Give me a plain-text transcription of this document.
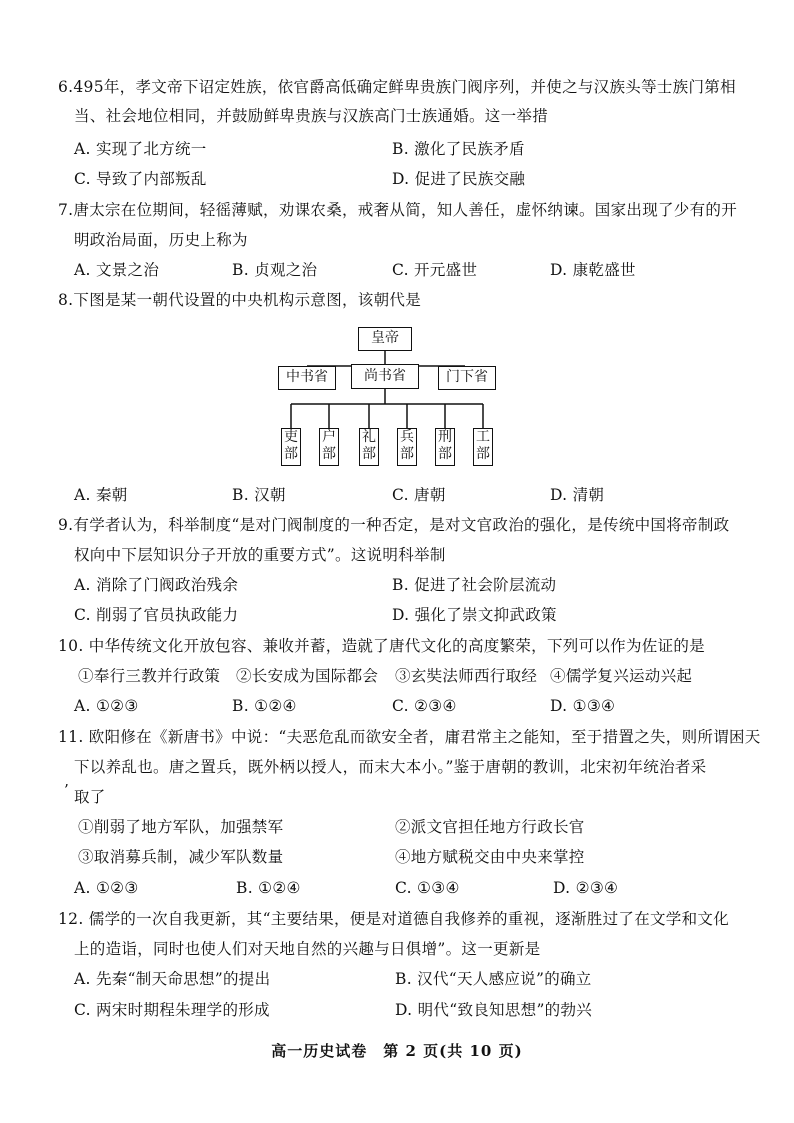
6.495年，孝文帝下诏定姓族，依官爵高低确定鲜卑贵族门阀序列，并使之与汉族头等士族门第相
当、社会地位相同，并鼓励鲜卑贵族与汉族高门士族通婚。这一举措
A. 实现了北方统一	B. 激化了民族矛盾
C. 导致了内部叛乱	D. 促进了民族交融
7.唐太宗在位期间，轻徭薄赋，劝课农桑，戒奢从简，知人善任，虚怀纳谏。国家出现了少有的开
明政治局面，历史上称为
A. 文景之治	B. 贞观之治	C. 开元盛世	D. 康乾盛世
8.下图是某一朝代设置的中央机构示意图，该朝代是
皇帝
中书省	尚书省	门下省
吏
部
户
部
礼
部
兵
部
刑
部
工
部
A. 秦朝	B. 汉朝	C. 唐朝	D. 清朝
9.有学者认为，科举制度“是对门阀制度的一种否定，是对文官政治的强化，是传统中国将帝制政
权向中下层知识分子开放的重要方式”。这说明科举制
A. 消除了门阀政治残余	B. 促进了社会阶层流动
C. 削弱了官员执政能力	D. 强化了崇文抑武政策
10. 中华传统文化开放包容、兼收并蓄，造就了唐代文化的高度繁荣，下列可以作为佐证的是
①奉行三教并行政策 ②长安成为国际都会 ③玄奘法师西行取经 ④儒学复兴运动兴起
A. ①②③	B. ①②④	C. ②③④	D. ①③④
11. 欧阳修在《新唐书》中说：“夫恶危乱而欲安全者，庸君常主之能知，至于措置之失，则所谓困天
下以养乱也。唐之置兵，既外柄以授人，而末大本小。”鉴于唐朝的教训，北宋初年统治者采
’ 取了
①削弱了地方军队，加强禁军	②派文官担任地方行政长官
③取消募兵制，减少军队数量	④地方赋税交由中央来掌控
A. ①②③	B. ①②④	C. ①③④	D. ②③④
12. 儒学的一次自我更新，其“主要结果，便是对道德自我修养的重视，逐渐胜过了在文学和文化
上的造诣，同时也使人们对天地自然的兴趣与日俱增”。这一更新是
A. 先秦“制天命思想”的提出	B. 汉代“天人感应说”的确立
C. 两宋时期程朱理学的形成	D. 明代“致良知思想”的勃兴
高一历史试卷　第 2 页(共 10 页)
